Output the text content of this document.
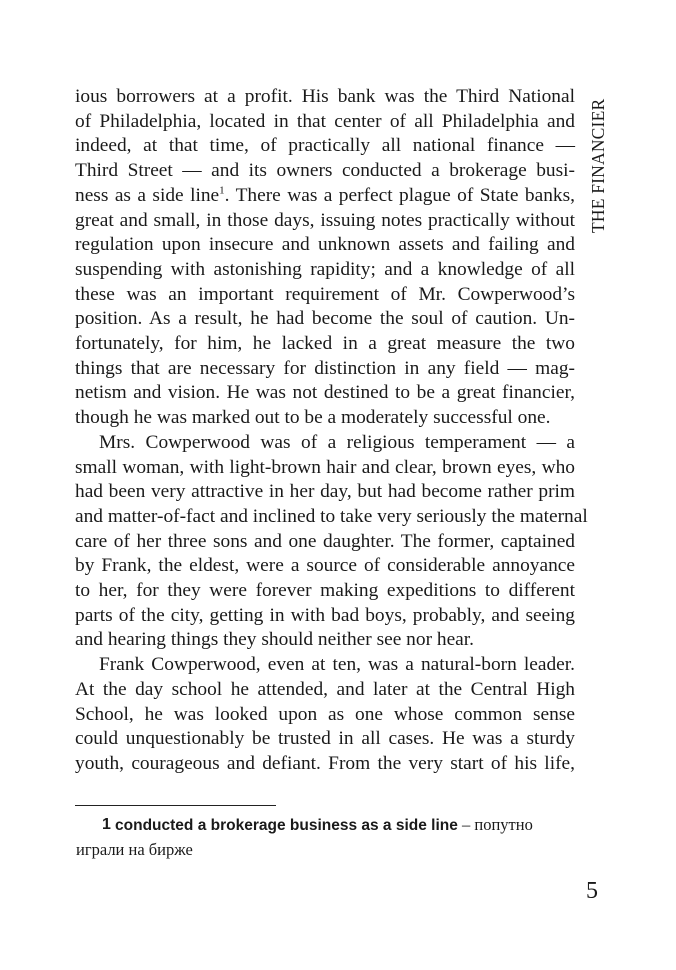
THE FINANCIER
ious borrowers at a profit. His bank was the Third National
of Philadelphia, located in that center of all Philadelphia and
indeed, at that time, of practically all national finance —
Third Street — and its owners conducted a brokerage busi-
ness as a side line$^1$. There was a perfect plague of State banks,
great and small, in those days, issuing notes practically without
regulation upon insecure and unknown assets and failing and
suspending with astonishing rapidity; and a knowledge of all
these was an important requirement of Mr. Cowperwood’s
position. As a result, he had become the soul of caution. Un-
fortunately, for him, he lacked in a great measure the two
things that are necessary for distinction in any field — mag-
netism and vision. He was not destined to be a great financier,
though he was marked out to be a moderately successful one.
Mrs. Cowperwood was of a religious temperament — a
small woman, with light-brown hair and clear, brown eyes, who
had been very attractive in her day, but had become rather prim
and matter-of-fact and inclined to take very seriously the maternal
care of her three sons and one daughter. The former, captained
by Frank, the eldest, were a source of considerable annoyance
to her, for they were forever making expeditions to different
parts of the city, getting in with bad boys, probably, and seeing
and hearing things they should neither see nor hear.
Frank Cowperwood, even at ten, was a natural-born leader.
At the day school he attended, and later at the Central High
School, he was looked upon as one whose common sense
could unquestionably be trusted in all cases. He was a sturdy
youth, courageous and defiant. From the very start of his life,
1 conducted a brokerage business as a side line – попутно
играли на бирже
5
